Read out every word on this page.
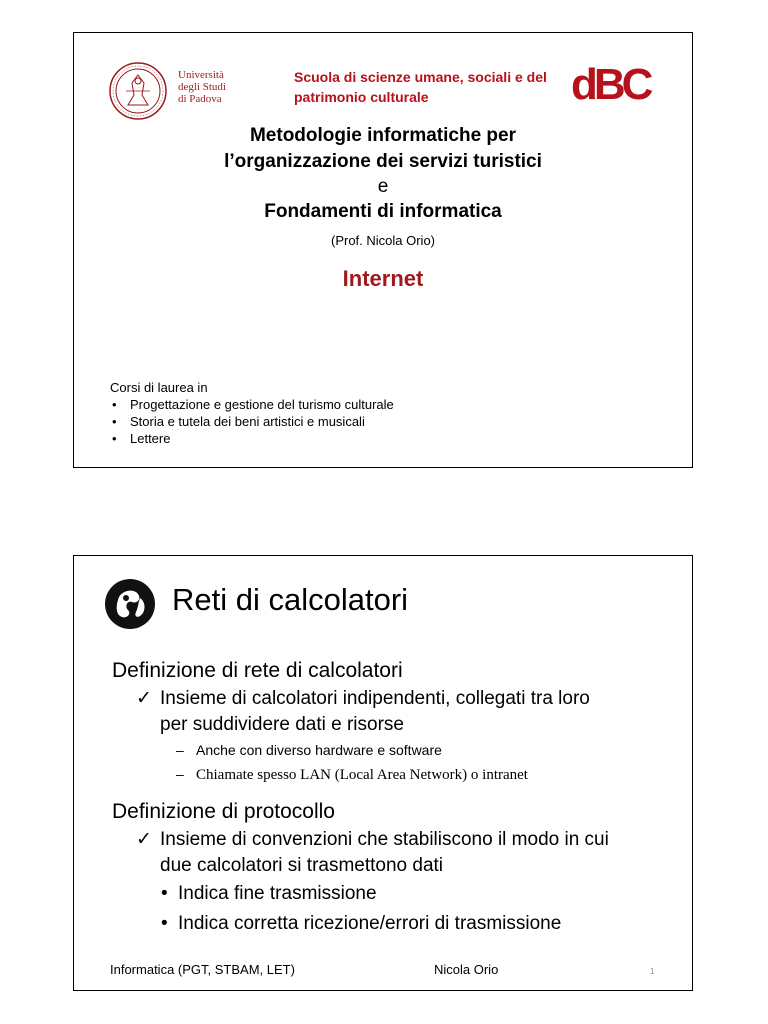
Università
degli Studi
di Padova
Scuola di scienze umane, sociali e del patrimonio culturale	dBC
Metodologie informatiche per
l’organizzazione dei servizi turistici
e
Fondamenti di informatica
(Prof. Nicola Orio)
Internet
Corsi di laurea in
• Progettazione e gestione del turismo culturale
• Storia e tutela dei beni artistici e musicali
• Lettere
Reti di calcolatori
Definizione di rete di calcolatori
✓ Insieme di calcolatori indipendenti, collegati tra loro
per suddividere dati e risorse
– Anche con diverso hardware e software
– Chiamate spesso LAN (Local Area Network) o intranet
Definizione di protocollo
✓ Insieme di convenzioni che stabiliscono il modo in cui
due calcolatori si trasmettono dati
• Indica fine trasmissione
• Indica corretta ricezione/errori di trasmissione
Informatica (PGT, STBAM, LET)	Nicola Orio	1
